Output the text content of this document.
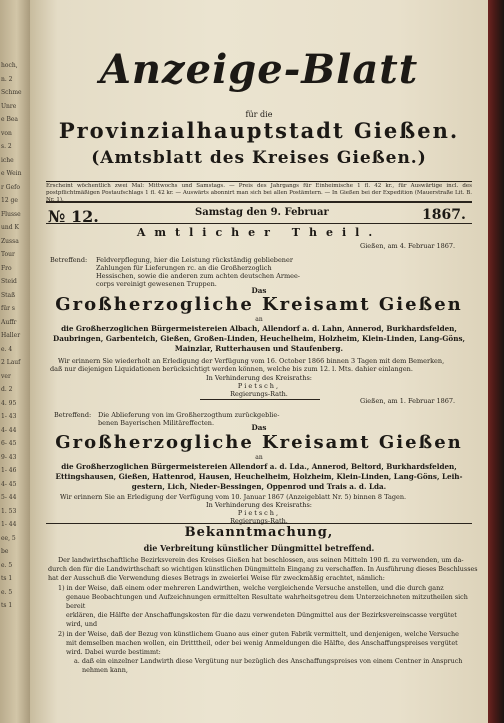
hoch,
n. 2
Schme
Unre
e Bea
von
s. 2
iche
e Wein
r Gefo
12 ge
Flusse
und K
Zussa
Tour
Fro
Steid
Staß
für s
Auffr
Haller
e. 4
2 Lauf
ver
d. 2
4. 95
1- 43
4- 44
6- 45
9- 43
1- 46
4- 45
5- 44
1. 53
1- 44
ee, 5
be
e. 5
ts 1
e. 5
ts 1
Anzeige-Blatt
für die
Provinzialhauptstadt Gießen.
(Amtsblatt des Kreises Gießen.)
Erscheint wöchentlich zwei Mal: Mittwochs und Samstags. — Preis des Jahrgangs für Einheimische 1 fl. 42 kr., für Auswärtige incl. des postpflichtmäßigen Postaufschlags 1 fl. 42 kr. — Auswärts abonnirt man sich bei allen Postämtern. — In Gießen bei der Expedition (Mauerstraße Lit. B. Nr. 1).
№ 12.	Samstag den 9. Februar	1867.
Amtlicher Theil.
Gießen, am 4. Februar 1867.
Betreffend: Feldverpflegung, hier die Leistung rückständig gebliebener
Zahlungen für Lieferungen rc. an die Großherzoglich
Hessischen, sowie die anderen zum achten deutschen Armee-
corps vereinigt gewesenen Truppen.
Das
Großherzogliche Kreisamt Gießen
an
die Großherzoglichen Bürgermeistereien Albach, Allendorf a. d. Lahn, Annerod, Burkhardsfelden,
Daubringen, Garbenteich, Gießen, Großen-Linden, Heuchelheim, Holzheim, Klein-Linden, Lang-Göns,
Mainzlar, Rutterhausen und Staufenberg.
Wir erinnern Sie wiederholt an Erledigung der Verfügung vom 16. October 1866 binnen 3 Tagen mit dem Bemerken,
daß nur diejenigen Liquidationen berücksichtigt werden können, welche bis zum 12. l. Mts. dahier einlangen.
In Verhinderung des Kreisraths:
Pietsch,
Regierungs-Rath.
Gießen, am 1. Februar 1867.
Betreffend: Die Ablieferung von im Großherzogthum zurückgeblie-
benen Bayerischen Militäreffecten.	Das
Großherzogliche Kreisamt Gießen
an
die Großherzoglichen Bürgermeistereien Allendorf a. d. Lda., Annerod, Beltord, Burkhardsfelden,
Ettingshausen, Gießen, Hattenrod, Hausen, Heuchelheim, Holzheim, Klein-Linden, Lang-Göns, Leih-
gestern, Lich, Nieder-Bessingen, Oppenrod und Trais a. d. Lda.
Wir erinnern Sie an Erledigung der Verfügung vom 10. Januar 1867 (Anzeigeblatt Nr. 5) binnen 8 Tagen.
In Verhinderung des Kreisraths:
Pietsch,
Regierungs-Rath.
Bekanntmachung,
die Verbreitung künstlicher Düngmittel betreffend.
Der landwirthschaftliche Bezirksverein des Kreises Gießen hat beschlossen, aus seinen Mitteln 190 fl. zu verwenden, um da-
durch den für die Landwirthschaft so wichtigen künstlichen Düngmitteln Eingang zu verschaffen. In Ausführung dieses Beschlusses
hat der Ausschuß die Verwendung dieses Betrags in zweierlei Weise für zweckmäßig erachtet, nämlich:
1) in der Weise, daß einem oder mehreren Landwirthen, welche vergleichende Versuche anstellen, und die durch ganz
genaue Beobachtungen und Aufzeichnungen ermittelten Resultate wahrheitsgetreu dem Unterzeichneten mitzutheilen sich bereit
erklären, die Hälfte der Anschaffungskosten für die dazu verwendeten Düngmittel aus der Bezirksvereinscasse vergütet
wird, und
2) in der Weise, daß der Bezug von künstlichem Guano aus einer guten Fabrik vermittelt, und denjenigen, welche Versuche
mit demselben machen wollen, ein Dritttheil, oder bei wenig Anmeldungen die Hälfte, des Anschaffungspreises vergütet
wird. Dabei wurde bestimmt:
a. daß ein einzelner Landwirth diese Vergütung nur bezüglich des Anschaffungspreises von einem Centner in Anspruch
nehmen kann,
